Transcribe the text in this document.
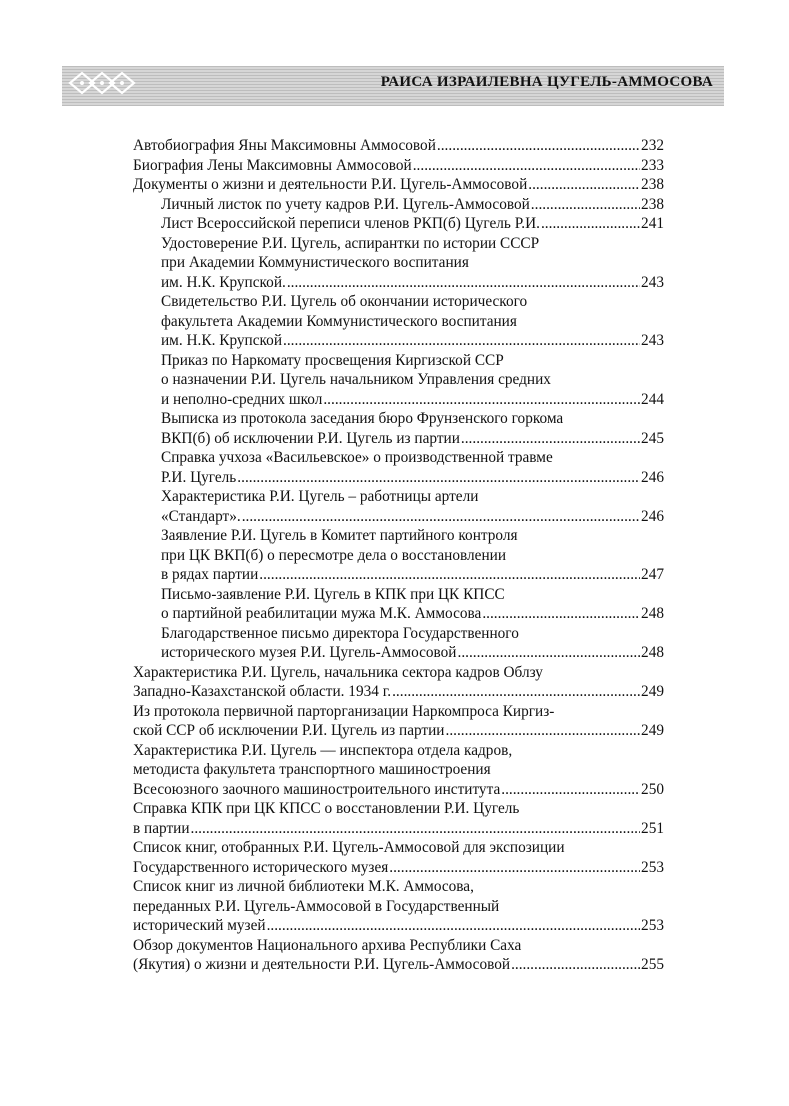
РАИСА ИЗРАИЛЕВНА ЦУГЕЛЬ-АММОСОВА
Автобиография Яны Максимовны Аммосовой .....	232
Биография Лены Максимовны Аммосовой .....	233
Документы о жизни и деятельности Р.И. Цугель-Аммосовой .....	238
Личный листок по учету кадров Р.И. Цугель-Аммосовой .....	238
Лист Всероссийской переписи членов РКП(б) Цугель Р.И. .....	241
Удостоверение Р.И. Цугель, аспирантки по истории СССР
при Академии Коммунистического воспитания
им. Н.К. Крупской. .....	243
Свидетельство Р.И. Цугель об окончании исторического
факультета Академии Коммунистического воспитания
им. Н.К. Крупской .....	243
Приказ по Наркомату просвещения Киргизской ССР
о назначении Р.И. Цугель начальником Управления средних
и неполно-средних школ .....	244
Выписка из протокола заседания бюро Фрунзенского горкома
ВКП(б) об исключении Р.И. Цугель из партии .....	245
Справка учхоза «Васильевское» о производственной травме
Р.И. Цугель .....	246
Характеристика Р.И. Цугель – работницы артели
«Стандарт». .....	246
Заявление Р.И. Цугель в Комитет партийного контроля
при ЦК ВКП(б) о пересмотре дела о восстановлении
в рядах партии .....	247
Письмо-заявление Р.И. Цугель в КПК при ЦК КПСС
о партийной реабилитации мужа М.К. Аммосова .....	248
Благодарственное письмо директора Государственного
исторического музея Р.И. Цугель-Аммосовой .....	248
Характеристика Р.И. Цугель, начальника сектора кадров Облзу
Западно-Казахстанской области. 1934 г. .....	249
Из протокола первичной парторганизации Наркомпроса Киргиз-
ской ССР об исключении Р.И. Цугель из партии .....	249
Характеристика Р.И. Цугель — инспектора отдела кадров,
методиста факультета транспортного машиностроения
Всесоюзного заочного машиностроительного института .....	250
Справка КПК при ЦК КПСС о восстановлении Р.И. Цугель
в партии .....	251
Список книг, отобранных Р.И. Цугель-Аммосовой для экспозиции
Государственного исторического музея .....	253
Список книг из личной библиотеки М.К. Аммосова,
переданных Р.И. Цугель-Аммосовой в Государственный
исторический музей .....	253
Обзор документов Национального архива Республики Саха
(Якутия) о жизни и деятельности Р.И. Цугель-Аммосовой .....	255
